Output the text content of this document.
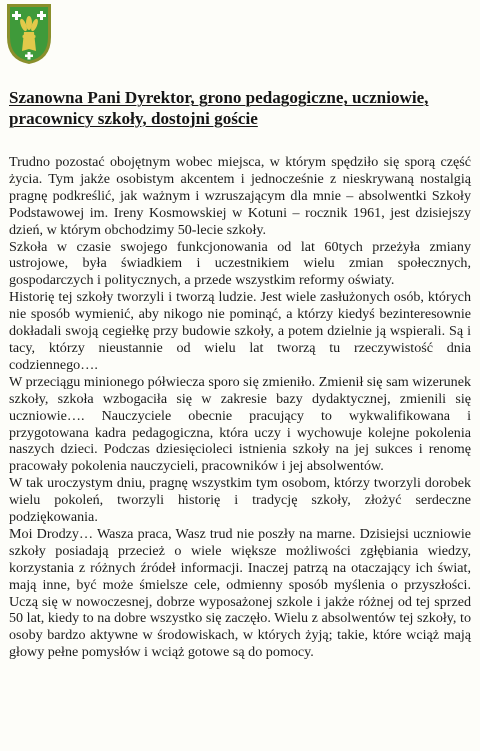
Szanowna Pani Dyrektor, grono pedagogiczne, uczniowie, pracownicy szkoły, dostojni goście

Trudno pozostać obojętnym wobec miejsca, w którym spędziło się sporą część życia. Tym jakże osobistym akcentem i jednocześnie z nieskrywaną nostalgią pragnę podkreślić, jak ważnym i wzruszającym dla mnie – absolwentki Szkoły Podstawowej im. Ireny Kosmowskiej w Kotuni – rocznik 1961, jest dzisiejszy dzień, w którym obchodzimy 50-lecie szkoły.

Szkoła w czasie swojego funkcjonowania od lat 60tych przeżyła zmiany ustrojowe, była świadkiem i uczestnikiem wielu zmian społecznych, gospodarczych i politycznych, a przede wszystkim reformy oświaty.

Historię tej szkoły tworzyli i tworzą ludzie. Jest wiele zasłużonych osób, których nie sposób wymienić, aby nikogo nie pominąć, a którzy kiedyś bezinteresownie dokładali swoją cegiełkę przy budowie szkoły, a potem dzielnie ją wspierali. Są i tacy, którzy nieustannie od wielu lat tworzą tu rzeczywistość dnia codziennego….

W przeciągu minionego półwiecza sporo się zmieniło. Zmienił się sam wizerunek szkoły, szkoła wzbogaciła się w zakresie bazy dydaktycznej, zmienili się uczniowie…. Nauczyciele obecnie pracujący to wykwalifikowana i przygotowana kadra pedagogiczna, która uczy i wychowuje kolejne pokolenia naszych dzieci. Podczas dziesięcioleci istnienia szkoły na jej sukces i renomę pracowały pokolenia nauczycieli, pracowników i jej absolwentów.

W tak uroczystym dniu, pragnę wszystkim tym osobom, którzy tworzyli dorobek wielu pokoleń, tworzyli historię i tradycję szkoły, złożyć serdeczne podziękowania.

Moi Drodzy… Wasza praca, Wasz trud nie poszły na marne. Dzisiejsi uczniowie szkoły posiadają przecież o wiele większe możliwości zgłębiania wiedzy, korzystania z różnych źródeł informacji. Inaczej patrzą na otaczający ich świat, mają inne, być może śmielsze cele, odmienny sposób myślenia o przyszłości. Uczą się w nowoczesnej, dobrze wyposażonej szkole i jakże różnej od tej sprzed 50 lat, kiedy to na dobre wszystko się zaczęło. Wielu z absolwentów tej szkoły, to osoby bardzo aktywne w środowiskach, w których żyją; takie, które wciąż mają głowy pełne pomysłów i wciąż gotowe są do pomocy.
